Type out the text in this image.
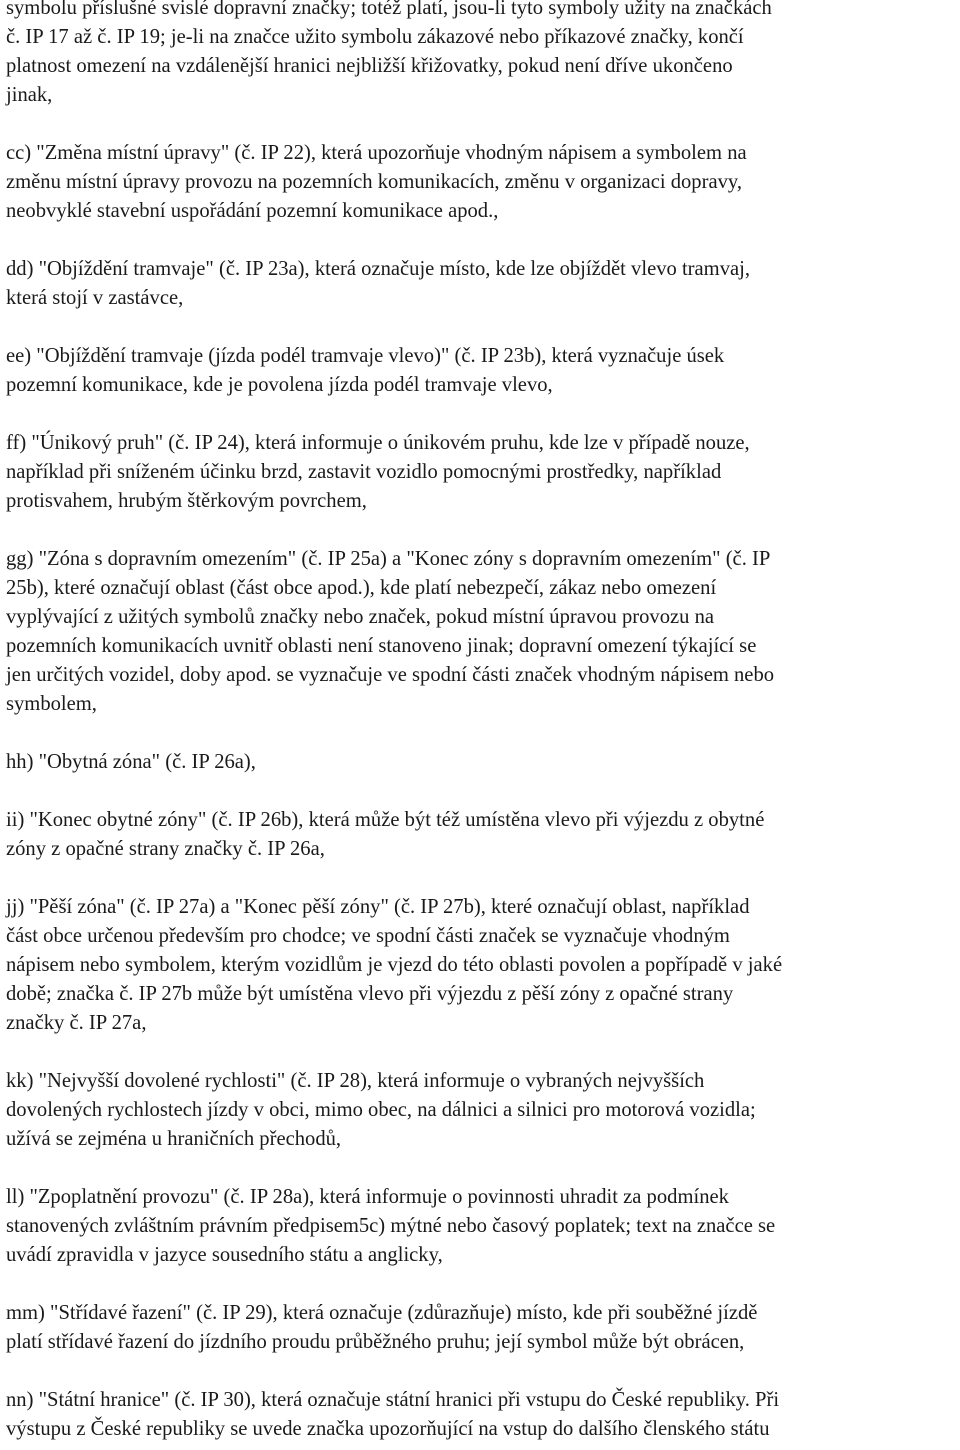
symbolu příslušné svislé dopravní značky; totéž platí, jsou-li tyto symboly užity na značkách
č. IP 17 až č. IP 19; je-li na značce užito symbolu zákazové nebo příkazové značky, končí
platnost omezení na vzdálenější hranici nejbližší křižovatky, pokud není dříve ukončeno
jinak,
cc) "Změna místní úpravy" (č. IP 22), která upozorňuje vhodným nápisem a symbolem na
změnu místní úpravy provozu na pozemních komunikacích, změnu v organizaci dopravy,
neobvyklé stavební uspořádání pozemní komunikace apod.,
dd) "Objíždění tramvaje" (č. IP 23a), která označuje místo, kde lze objíždět vlevo tramvaj,
která stojí v zastávce,
ee) "Objíždění tramvaje (jízda podél tramvaje vlevo)" (č. IP 23b), která vyznačuje úsek
pozemní komunikace, kde je povolena jízda podél tramvaje vlevo,
ff) "Únikový pruh" (č. IP 24), která informuje o únikovém pruhu, kde lze v případě nouze,
například při sníženém účinku brzd, zastavit vozidlo pomocnými prostředky, například
protisvahem, hrubým štěrkovým povrchem,
gg) "Zóna s dopravním omezením" (č. IP 25a) a "Konec zóny s dopravním omezením" (č. IP
25b), které označují oblast (část obce apod.), kde platí nebezpečí, zákaz nebo omezení
vyplývající z užitých symbolů značky nebo značek, pokud místní úpravou provozu na
pozemních komunikacích uvnitř oblasti není stanoveno jinak; dopravní omezení týkající se
jen určitých vozidel, doby apod. se vyznačuje ve spodní části značek vhodným nápisem nebo
symbolem,
hh) "Obytná zóna" (č. IP 26a),
ii) "Konec obytné zóny" (č. IP 26b), která může být též umístěna vlevo při výjezdu z obytné
zóny z opačné strany značky č. IP 26a,
jj) "Pěší zóna" (č. IP 27a) a "Konec pěší zóny" (č. IP 27b), které označují oblast, například
část obce určenou především pro chodce; ve spodní části značek se vyznačuje vhodným
nápisem nebo symbolem, kterým vozidlům je vjezd do této oblasti povolen a popřípadě v jaké
době; značka č. IP 27b může být umístěna vlevo při výjezdu z pěší zóny z opačné strany
značky č. IP 27a,
kk) "Nejvyšší dovolené rychlosti" (č. IP 28), která informuje o vybraných nejvyšších
dovolených rychlostech jízdy v obci, mimo obec, na dálnici a silnici pro motorová vozidla;
užívá se zejména u hraničních přechodů,
ll) "Zpoplatnění provozu" (č. IP 28a), která informuje o povinnosti uhradit za podmínek
stanovených zvláštním právním předpisem5c) mýtné nebo časový poplatek; text na značce se
uvádí zpravidla v jazyce sousedního státu a anglicky,
mm) "Střídavé řazení" (č. IP 29), která označuje (zdůrazňuje) místo, kde při souběžné jízdě
platí střídavé řazení do jízdního proudu průběžného pruhu; její symbol může být obrácen,
nn) "Státní hranice" (č. IP 30), která označuje státní hranici při vstupu do České republiky. Při
výstupu z České republiky se uvede značka upozorňující na vstup do dalšího členského státu
